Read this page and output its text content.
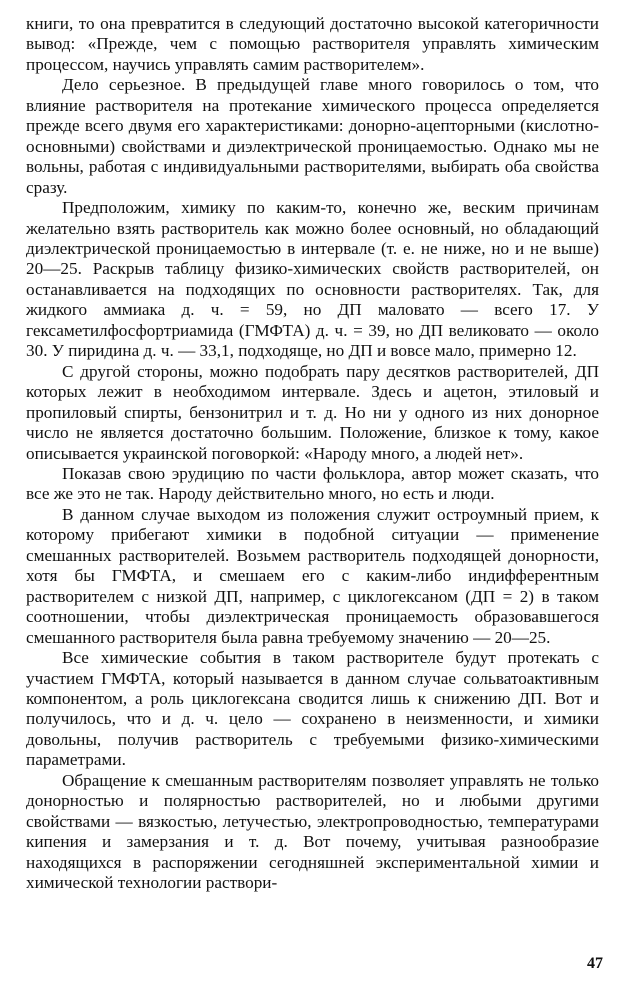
книги, то она превратится в следующий достаточно высокой категоричности вывод: «Прежде, чем с помощью растворителя управлять химическим процессом, научись управлять самим растворителем».

Дело серьезное. В предыдущей главе много говорилось о том, что влияние растворителя на протекание химического процесса определяется прежде всего двумя его характеристиками: донорно-ацепторными (кислотно-основными) свойствами и диэлектрической проницаемостью. Однако мы не вольны, работая с индивидуальными растворителями, выбирать оба свойства сразу.

Предположим, химику по каким-то, конечно же, веским причинам желательно взять растворитель как можно более основный, но обладающий диэлектрической проницаемостью в интервале (т. е. не ниже, но и не выше) 20—25. Раскрыв таблицу физико-химических свойств растворителей, он останавливается на подходящих по основности растворителях. Так, для жидкого аммиака д. ч. = 59, но ДП маловато — всего 17. У гексаметилфосфортриамида (ГМФТА) д. ч. = 39, но ДП великовато — около 30. У пиридина д. ч. — 33,1, подходяще, но ДП и вовсе мало, примерно 12.

С другой стороны, можно подобрать пару десятков растворителей, ДП которых лежит в необходимом интервале. Здесь и ацетон, этиловый и пропиловый спирты, бензонитрил и т. д. Но ни у одного из них донорное число не является достаточно большим. Положение, близкое к тому, какое описывается украинской поговоркой: «Народу много, а людей нет».

Показав свою эрудицию по части фольклора, автор может сказать, что все же это не так. Народу действительно много, но есть и люди.

В данном случае выходом из положения служит остроумный прием, к которому прибегают химики в подобной ситуации — применение смешанных растворителей. Возьмем растворитель подходящей донорности, хотя бы ГМФТА, и смешаем его с каким-либо индифферентным растворителем с низкой ДП, например, с циклогексаном (ДП = 2) в таком соотношении, чтобы диэлектрическая проницаемость образовавшегося смешанного растворителя была равна требуемому значению — 20—25.

Все химические события в таком растворителе будут протекать с участием ГМФТА, который называется в данном случае сольватоактивным компонентом, а роль циклогексана сводится лишь к снижению ДП. Вот и получилось, что и д. ч. цело — сохранено в неизменности, и химики довольны, получив растворитель с требуемыми физико-химическими параметрами.

Обращение к смешанным растворителям позволяет управлять не только донорностью и полярностью растворителей, но и любыми другими свойствами — вязкостью, летучестью, электропроводностью, температурами кипения и замерзания и т. д. Вот почему, учитывая разнообразие находящихся в распоряжении сегодняшней экспериментальной химии и химической технологии раствори-

47
